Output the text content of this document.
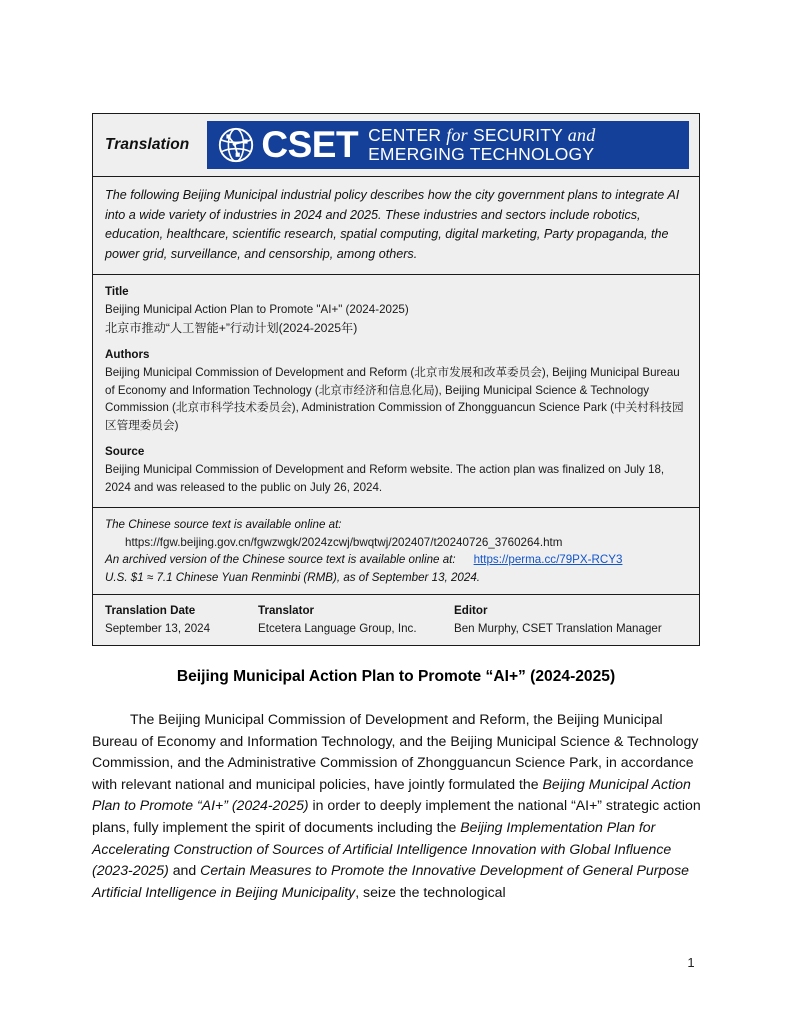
Translation	CSET CENTER for SECURITY and
EMERGING TECHNOLOGY
The following Beijing Municipal industrial policy describes how the city government plans to integrate AI into a wide variety of industries in 2024 and 2025. These industries and sectors include robotics, education, healthcare, scientific research, spatial computing, digital marketing, Party propaganda, the power grid, surveillance, and censorship, among others.
Title
Beijing Municipal Action Plan to Promote "AI+" (2024-2025)
北京市推动“人工智能+”行动计划(2024-2025年)
Authors
Beijing Municipal Commission of Development and Reform (北京市发展和改革委员会), Beijing Municipal Bureau of Economy and Information Technology (北京市经济和信息化局), Beijing Municipal Science & Technology Commission (北京市科学技术委员会), Administration Commission of Zhongguancun Science Park (中关村科技园区管理委员会)
Source
Beijing Municipal Commission of Development and Reform website. The action plan was finalized on July 18, 2024 and was released to the public on July 26, 2024.
The Chinese source text is available online at:
https://fgw.beijing.gov.cn/fgwzwgk/2024zcwj/bwqtwj/202407/t20240726_3760264.htm
An archived version of the Chinese source text is available online at: https://perma.cc/79PX-RCY3
U.S. $1 ≈ 7.1 Chinese Yuan Renminbi (RMB), as of September 13, 2024.
Translation Date
September 13, 2024
Translator
Etcetera Language Group, Inc.
Editor
Ben Murphy, CSET Translation Manager
Beijing Municipal Action Plan to Promote “AI+” (2024-2025)

The Beijing Municipal Commission of Development and Reform, the Beijing Municipal Bureau of Economy and Information Technology, and the Beijing Municipal Science & Technology Commission, and the Administrative Commission of Zhongguancun Science Park, in accordance with relevant national and municipal policies, have jointly formulated the Beijing Municipal Action Plan to Promote “AI+” (2024-2025) in order to deeply implement the national “AI+” strategic action plans, fully implement the spirit of documents including the Beijing Implementation Plan for Accelerating Construction of Sources of Artificial Intelligence Innovation with Global Influence (2023-2025) and Certain Measures to Promote the Innovative Development of General Purpose Artificial Intelligence in Beijing Municipality, seize the technological

1
